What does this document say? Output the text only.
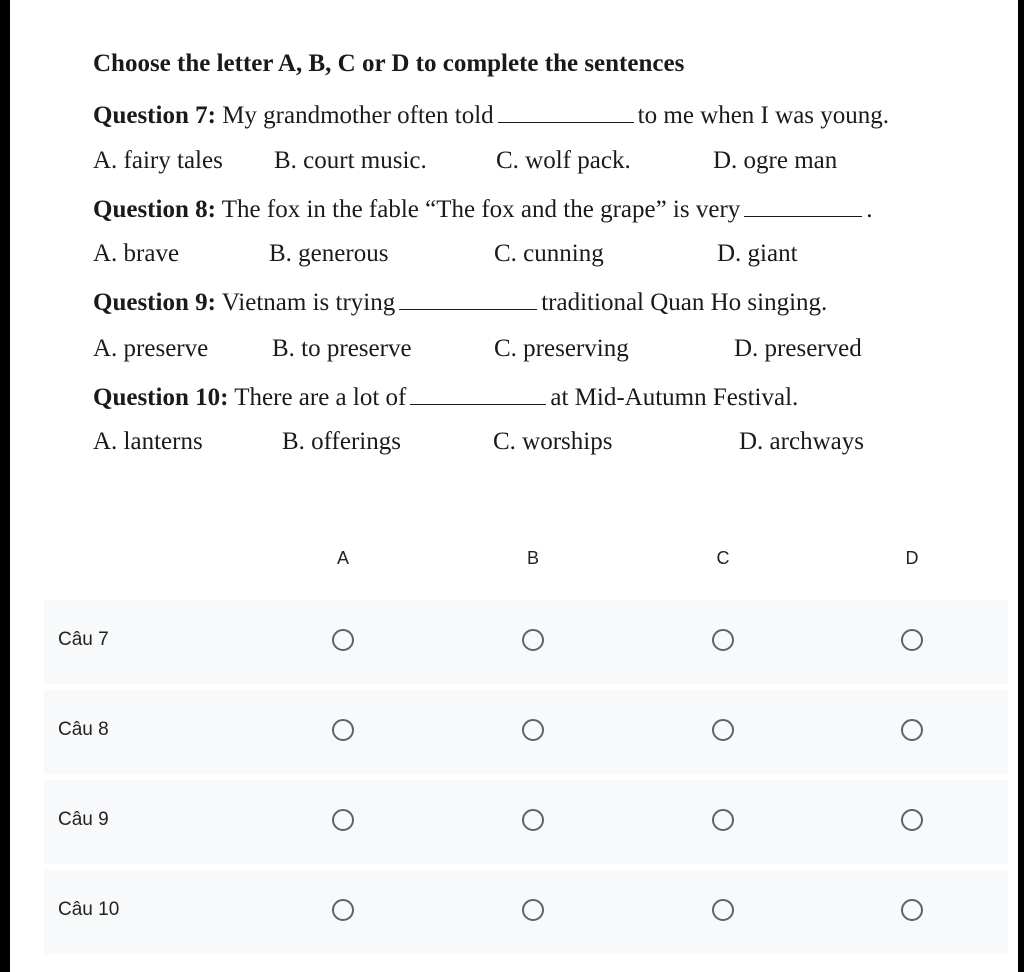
Choose the letter A, B, C or D to complete the sentences
Question 7: My grandmother often told	to me when I was young.
A. fairy tales B. court music.	C. wolf pack.	D. ogre man
Question 8: The fox in the fable “The fox and the grape” is very	.
A. brave	B. generous	C. cunning	D. giant
Question 9: Vietnam is trying	traditional Quan Ho singing.
A. preserve	B. to preserve	C. preserving	D. preserved
Question 10: There are a lot of	at Mid-Autumn Festival.
A. lanterns	B. offerings	C. worships	D. archways
A	B	C	D
Câu 7
Câu 8
Câu 9
Câu 10
